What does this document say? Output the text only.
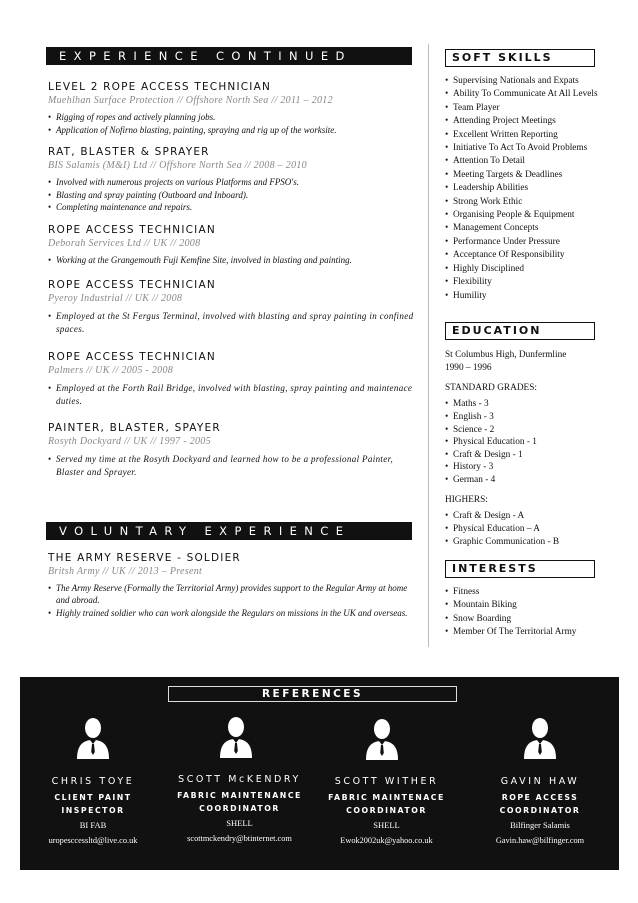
EXPERIENCE CONTINUED

LEVEL 2 ROPE ACCESS TECHNICIAN

Muehlhan Surface Protection // Offshore North Sea // 2011 – 2012

• Rigging of ropes and actively planning jobs.
• Application of Nofirno blasting, painting, spraying and rig up of the worksite.

RAT, BLASTER & SPRAYER

BIS Salamis (M&I) Ltd // Offshore North Sea // 2008 – 2010

• Involved with numerous projects on various Platforms and FPSO's.
• Blasting and spray painting (Outboard and Inboard).
• Completing maintenance and repairs.

ROPE ACCESS TECHNICIAN

Deborah Services Ltd // UK // 2008

• Working at the Grangemouth Fuji Kemfine Site, involved in blasting and painting.

ROPE ACCESS TECHNICIAN

Pyeroy Industrial // UK // 2008

• Employed at the St Fergus Terminal, involved with blasting and spray painting in confined spaces.

ROPE ACCESS TECHNICIAN

Palmers // UK // 2005 - 2008

• Employed at the Forth Rail Bridge, involved with blasting, spray painting and maintenace duties.

PAINTER, BLASTER, SPAYER

Rosyth Dockyard // UK // 1997 - 2005

• Served my time at the Rosyth Dockyard and learned how to be a professional Painter, Blaster and Sprayer.
VOLUNTARY EXPERIENCE

THE ARMY RESERVE - SOLDIER

Britsh Army // UK // 2013 – Present

• The Army Reserve (Formally the Territorial Army) provides support to the Regular Army at home and abroad.
• Highly trained soldier who can work alongside the Regulars on missions in the UK and overseas.
SOFT SKILLS
• Supervising Nationals and Expats
• Ability To Communicate At All Levels
• Team Player
• Attending Project Meetings
• Excellent Written Reporting
• Initiative To Act To Avoid Problems
• Attention To Detail
• Meeting Targets & Deadlines
• Leadership Abilities
• Strong Work Ethic
• Organising People & Equipment
• Management Concepts
• Performance Under Pressure
• Acceptance Of Responsibility
• Highly Disciplined
• Flexibility
• Humility
EDUCATION

St Columbus High, Dunfermline

1990 – 1996

STANDARD GRADES:

• Maths - 3
• English - 3
• Science - 2
• Physical Education - 1
• Craft & Design - 1
• History - 3
• German - 4

HIGHERS:

• Craft & Design - A
• Physical Education – A
• Graphic Communication - B
INTERESTS
• Fitness
• Mountain Biking
• Snow Boarding
• Member Of The Territorial Army
REFERENCES
CHRIS TOYE
CLIENT PAINT
INSPECTOR
BI FAB
uropesccessltd@live.co.uk
SCOTT McKENDRY
FABRIC MAINTENANCE
COORDINATOR
SHELL
scottmckendry@btinternet.com
SCOTT WITHER
FABRIC MAINTENACE
COORDINATOR
SHELL
Ewok2002uk@yahoo.co.uk
GAVIN HAW
ROPE ACCESS
COORDINATOR
Bilfinger Salamis
Gavin.haw@bilfinger.com
